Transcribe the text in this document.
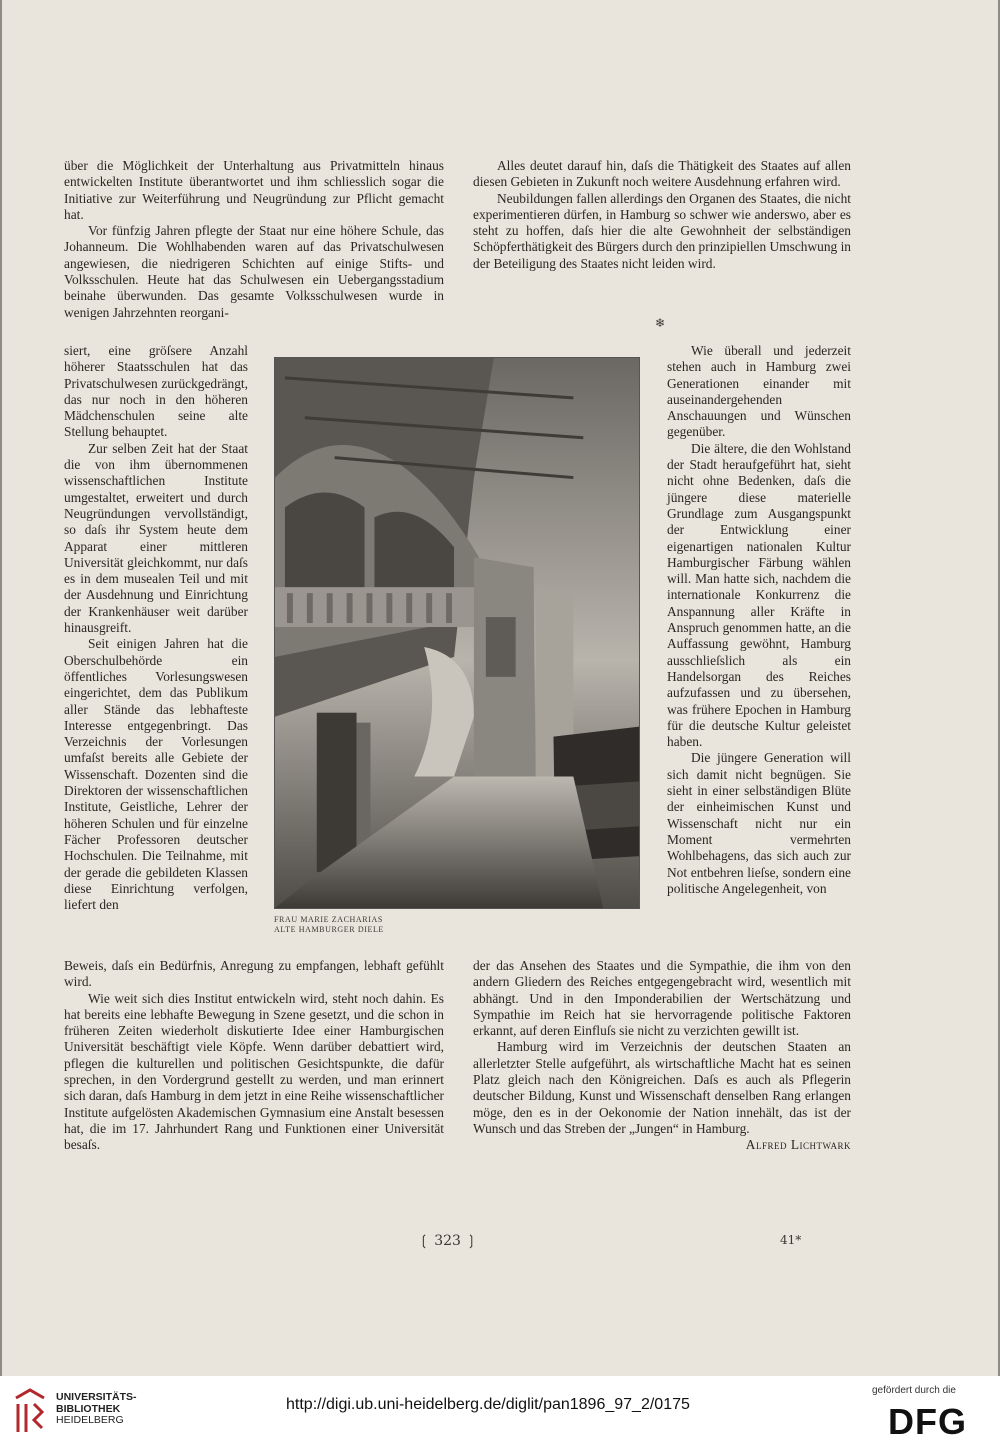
über die Möglichkeit der Unterhaltung aus Privatmitteln hinaus entwickelten Institute überantwortet und ihm schliesslich sogar die Initiative zur Weiterführung und Neugründung zur Pflicht gemacht hat.

Vor fünfzig Jahren pflegte der Staat nur eine höhere Schule, das Johanneum. Die Wohlhabenden waren auf das Privatschulwesen angewiesen, die niedrigeren Schichten auf einige Stifts- und Volksschulen. Heute hat das Schulwesen ein Uebergangsstadium beinahe überwunden. Das gesamte Volksschulwesen wurde in wenigen Jahrzehnten reorgani-

siert, eine gröſsere Anzahl höherer Staatsschulen hat das Privatschulwesen zurückgedrängt, das nur noch in den höheren Mädchenschulen seine alte Stellung behauptet.

Zur selben Zeit hat der Staat die von ihm übernommenen wissenschaftlichen Institute umgestaltet, erweitert und durch Neugründungen vervollständigt, so daſs ihr System heute dem Apparat einer mittleren Universität gleichkommt, nur daſs es in dem musealen Teil und mit der Ausdehnung und Einrichtung der Krankenhäuser weit darüber hinausgreift.

Seit einigen Jahren hat die Oberschulbehörde ein öffentliches Vorlesungswesen eingerichtet, dem das Publikum aller Stände das lebhafteste Interesse entgegenbringt. Das Verzeichnis der Vorlesungen umfaſst bereits alle Gebiete der Wissenschaft. Dozenten sind die Direktoren der wissenschaftlichen Institute, Geistliche, Lehrer der höheren Schulen und für einzelne Fächer Professoren deutscher Hochschulen. Die Teilnahme, mit der gerade die gebildeten Klassen diese Einrichtung verfolgen, liefert den

Beweis, daſs ein Bedürfnis, Anregung zu empfangen, lebhaft gefühlt wird.

Wie weit sich dies Institut entwickeln wird, steht noch dahin. Es hat bereits eine lebhafte Bewegung in Szene gesetzt, und die schon in früheren Zeiten wiederholt diskutierte Idee einer Hamburgischen Universität beschäftigt viele Köpfe. Wenn darüber debattiert wird, pflegen die kulturellen und politischen Gesichtspunkte, die dafür sprechen, in den Vordergrund gestellt zu werden, und man erinnert sich daran, daſs Hamburg in dem jetzt in eine Reihe wissenschaftlicher Institute aufgelösten Akademischen Gymnasium eine Anstalt besessen hat, die im 17. Jahrhundert Rang und Funktionen einer Universität besaſs.

Alles deutet darauf hin, daſs die Thätigkeit des Staates auf allen diesen Gebieten in Zukunft noch weitere Ausdehnung erfahren wird.

Neubildungen fallen allerdings den Organen des Staates, die nicht experimentieren dürfen, in Hamburg so schwer wie anderswo, aber es steht zu hoffen, daſs hier die alte Gewohnheit der selbständigen Schöpferthätigkeit des Bürgers durch den prinzipiellen Umschwung in der Beteiligung des Staates nicht leiden wird.

❄

Wie überall und jederzeit stehen auch in Hamburg zwei Generationen einander mit auseinandergehenden Anschauungen und Wünschen gegenüber.

Die ältere, die den Wohlstand der Stadt heraufgeführt hat, sieht nicht ohne Bedenken, daſs die jüngere diese materielle Grundlage zum Ausgangspunkt der Entwicklung einer eigenartigen nationalen Kultur Hamburgischer Färbung wählen will. Man hatte sich, nachdem die internationale Konkurrenz die Anspannung aller Kräfte in Anspruch genommen hatte, an die Auffassung gewöhnt, Hamburg ausschlieſslich als ein Handelsorgan des Reiches aufzufassen und zu übersehen, was frühere Epochen in Hamburg für die deutsche Kultur geleistet haben.

Die jüngere Generation will sich damit nicht begnügen. Sie sieht in einer selbständigen Blüte der einheimischen Kunst und Wissenschaft nicht nur ein Moment vermehrten Wohlbehagens, das sich auch zur Not entbehren lieſse, sondern eine politische Angelegenheit, von

der das Ansehen des Staates und die Sympathie, die ihm von den andern Gliedern des Reiches entgegengebracht wird, wesentlich mit abhängt. Und in den Imponderabilien der Wertschätzung und Sympathie im Reich hat sie hervorragende politische Faktoren erkannt, auf deren Einfluſs sie nicht zu verzichten gewillt ist.

Hamburg wird im Verzeichnis der deutschen Staaten an allerletzter Stelle aufgeführt, als wirtschaftliche Macht hat es seinen Platz gleich nach den Königreichen. Daſs es auch als Pflegerin deutscher Bildung, Kunst und Wissenschaft denselben Rang erlangen möge, den es in der Oekonomie der Nation innehält, das ist der Wunsch und das Streben der „Jungen“ in Hamburg.

Alfred Lichtwark

FRAU MARIE ZACHARIAS
ALTE HAMBURGER DIELE
❲ 323 ❳	41*
UNIVERSITÄTS-
BIBLIOTHEK
HEIDELBERG
http://digi.ub.uni-heidelberg.de/diglit/pan1896_97_2/0175
gefördert durch die
DFG
